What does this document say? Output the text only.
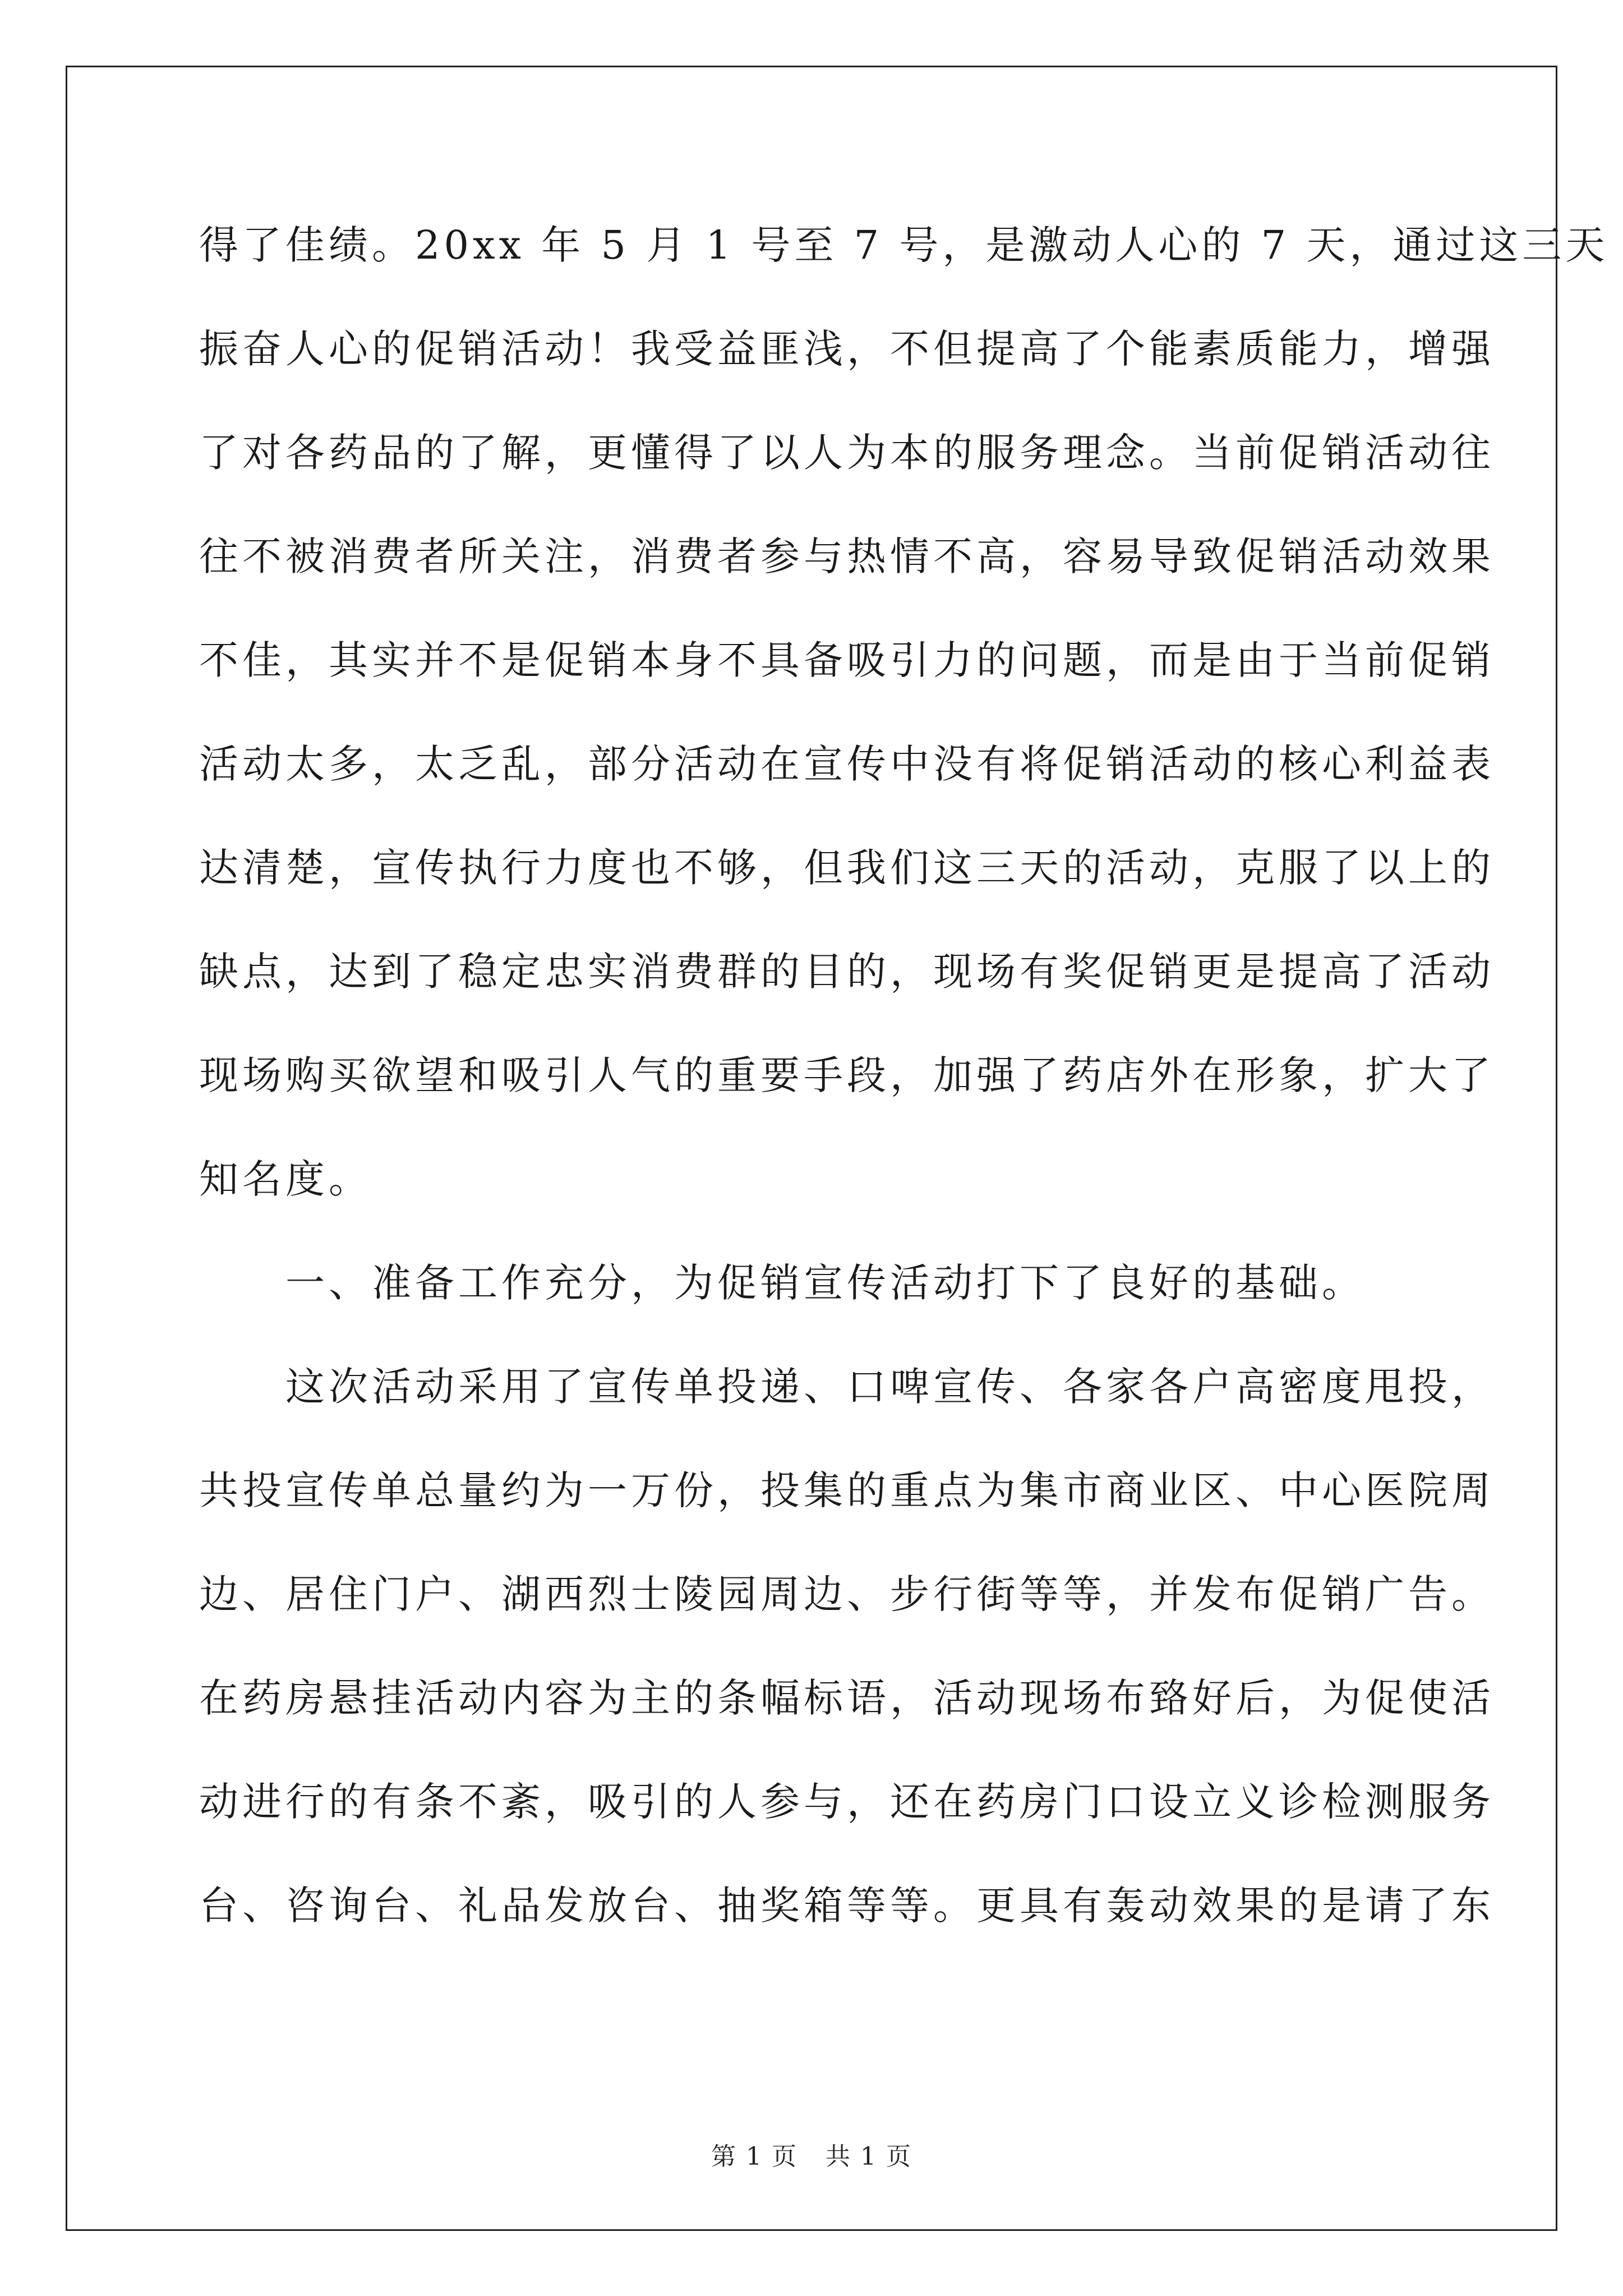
得了佳绩。20xx 年 5 月 1 号至 7 号，是激动人心的 7 天，通过这三天

振奋人心的促销活动！我受益匪浅，不但提高了个能素质能力，增强

了对各药品的了解，更懂得了以人为本的服务理念。当前促销活动往

往不被消费者所关注，消费者参与热情不高，容易导致促销活动效果

不佳，其实并不是促销本身不具备吸引力的问题，而是由于当前促销

活动太多，太乏乱，部分活动在宣传中没有将促销活动的核心利益表

达清楚，宣传执行力度也不够，但我们这三天的活动，克服了以上的

缺点，达到了稳定忠实消费群的目的，现场有奖促销更是提高了活动

现场购买欲望和吸引人气的重要手段，加强了药店外在形象，扩大了

知名度。

一、准备工作充分，为促销宣传活动打下了良好的基础。

这次活动采用了宣传单投递、口啤宣传、各家各户高密度甩投，

共投宣传单总量约为一万份，投集的重点为集市商业区、中心医院周

边、居住门户、湖西烈士陵园周边、步行街等等，并发布促销广告。

在药房悬挂活动内容为主的条幅标语，活动现场布臵好后，为促使活

动进行的有条不紊，吸引的人参与，还在药房门口设立义诊检测服务

台、咨询台、礼品发放台、抽奖箱等等。更具有轰动效果的是请了东

第 1 页 共 1 页
